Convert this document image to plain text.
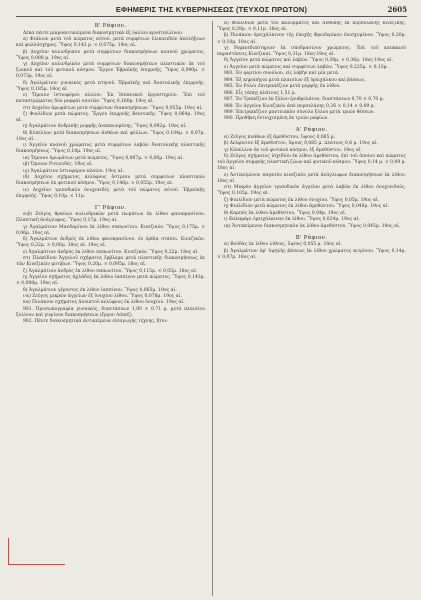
ΕΦΗΜΕΡΙΣ ΤΗΣ ΚΥΒΕΡΝΗΣΕΩΣ (ΤΕΥΧΟΣ ΠΡΩΤΟΝ)	2605
Β' Ράφιον.

Δέκα πέντε μικροαντικείμενα διακοσμητικά ἐξ ὑαλίου κρυσταλλίνου.

α) Φιάλιον μετὰ τοῦ πώματος αὐτοῦ, μετὰ συμφύτων ἐλικοειδῶν ἀπολήξεων καὶ φυλλόσχημος. Ὕψος 0,142 μ. × 0,075μ. 19ος αἰ.

β) Δοχεῖον κυλινδρικὸν μετὰ συμφύτων διακοσμήσεων κυανοῦ χρώματος. Ὕψος 0,088 μ. 19ος αἰ.

γ) Δοχεῖον κυλινδρικὸν μετὰ συμφύτων διακοσμήσεων πλαστικῶν ἐκ τοῦ ζωικοῦ καὶ τοῦ φυτικοῦ κόσμου. Ἔργον Ἑβραϊκῆς ἐπιρροῆς. Ὕψος 0,090μ. × 0,073μ. 19ος αἰ.

δ) Ἀγαλμάτιον γυναικὸς μετὰ πτηνοῦ. Ἑβραϊκῆς καὶ Ἀνατολικῆς ἐπιρροῆς. Ὕψος 0,185μ. 18ος αἰ.

ε) Ὄμοιον ἱστιοφόρου πλοίου. Ἐκ Ἰσπανικοῦ ἐργαστηρίου. Ἔπὶ τοῦ καταστρώματος δύο μορφαὶ ναυτῶν. Ὕψος 0,160μ. 19ος αἰ.

στ) Δοχεῖον ἀρωμάτων μετὰ συμφύτων διακοσμήσεων. Ὕψος 0,055μ. 19ος αἰ.

ζ) Φιαλίδιον μετὰ πώματος. Ἔργον ἐπιρροῆς Βενετικῆς. Ὕψος 0,064μ. 19ος αἰ.

η) Ἀγαλμάτιον ἀνδρικῆς μορφῆς ἀναπαυομένης. Ὕψος 0,092μ. 19ος αἰ.

θ) Κύπελλον μετὰ διακοσμήσεων ἀνθέων καὶ φύλλων. Ὕψος 0,104μ. × 0,07μ. 19ος αἰ.

ι) Ἀγγεῖον κυανοῦ χρώματος μετὰ συμφύτων λαβῶν Ἀνατολικῆς πλαστικῆς διακοσμήσεως. Ὕψος 0,18μ. 19ος αἰ.

ια) Ὄμοιον ἀρωμάτων μετὰ πώματος. Ὕψος 0,067μ. × 0,06μ. 19ος αἰ.

ιβ) Ὄμοιον Ρυτοειδές. 19ος αἰ.

ιγ) Ἀγαλμάτιον ἱστιοφόρου πλοίου. 19ος αἰ.

ιδ) Δοχεῖον σχήματος κελύφους ὄστρεου μετὰ συμφύτων πλαστικῶν διακοσμήσεων ἐκ φυτικοῦ κόσμου. Ὕψος 0,146μ. × 0,055μ. 19ος αἰ.

ιε) Δοχεῖον τριποδικὸν ὀνυχοειδὲς μετὰ τοῦ πώματος αὐτοῦ. Ἑβραϊκῆς ἐπιρροῆς. Ὕψος 0,10μ. × 11μ.

Γ' Ράφιον.

α-β) Ζεῦγος θραύων κυλινδρικῶν μετὰ πωμάτων ἐκ λίθου φαιοπρασίνου. Πλαστικὴ ἀνάγλυφος. Ὕψος 0,17μ. 19ος αἰ.

γ) Ἀγαλμάτιον Μανδαρίνου ἐκ λίθου σαπωνίτου. Κινεζικὸν. Ὕψος 0,175μ. × 0,06μ. 18ος αἰ.

δ) Ἀγαλμάτιον ἀνδρὸς ἐκ λίθου φαιοπρασίνου, ἐν ὀρθίᾳ στάσει. Κινεζικόν. Ὕψος 0,22μ. × 0,06μ. 18ος αἰ. 19ος αἰ.

ε) Ἀγαλμάτιον ἀνδρὸς ἐκ λίθου σαπωνίτου. Κινεζικόν. Ὕψος 0,22μ. 18ος αἰ.

στ) Πλακίδιον Ἀγγελοῦ σχήματος ἔμβλεμα μετὰ πλαστικῆς διακοσμήσεως ἐκ τῶν Κινεζικῶν μοτίβων. Ὕψος 0,20μ. × 0,095μ. 18ος αἰ.

ζ) Ἀγαλμάτιον ἀνδρὸς ἐκ λίθου σαπωνίτου. Ὕψος 0,115μ. × 0,05μ. 18ος αἰ.

η) Ἀγγεῖον σχήματος ἀχλάδος ἐκ λίθου ἰασπίνου μετὰ πώματος. Ὕψος 0,143μ. × 0,088μ. 19ος αἰ.

θ) Ἀγαλμάτιον γέροντος ἐκ λίθου ἰασπίνου. Ὕψος 0,065μ. 19ος αἰ.

ι-κ) Ζεῦγος μικρῶν ἀγγείων ἐξ ὀνυχίου λίθου. Ὕψος 0,078μ. 19ος αἰ.

κα) Πινάκιον σχήματος ἀνοικτοῦ κελύφους ἐκ λίθου ὀνυχίου. 19ος αἰ.

981. Προσωπογραφία γυναικός, διαστάσεων 1,00 × 0,71 μ. μετὰ πλαισίου ξυλίνου καὶ γυψίνου διακοσμήσεων (ἔργον Λόπεζ).

982. Πέντε διακοσμητικὰ ἀντικείμενα εἰσαγωγῆς τέχνης, ἤτοι:

α) Φιαλίδιον μετὰ τοῦ καλύμματος καὶ ἀνθοπῆς ἐκ πορσελάνης κινεζικῆς. Ὕψος 0,29μ. × 0,11μ. 18ος αἰ.

β) Πινάκιον ὀρειχάλκινον τῆς ἐποχῆς Φρειδερίκου ἐπισχυμένον. Ὕψος 0,20μ. × 0,10μ. 18ος αἰ.

γ) Ρεφενεδιπότηριον ἐκ σποδρασίνου χρώματος. Ἐπὶ τοῦ καπακιοῦ παραστάσεις Κινεζικαί. Ὕψος 0,31μ. 18ος-19ος αἰ.

δ) Ἀγγεῖον μετὰ πώματος καὶ λαβῶν. Ὕψος 0,38μ. × 0,36μ. 18ος-19ος αἰ.

ε) Ἀγγεῖον μετὰ πώματος καὶ συμφύτων λαβῶν. Ὕψος 0,225μ. × 0,13μ.

983. Ἐν φορτίου συνόλου, εἰς λαβὴν καὶ μία μετά.

984. Ἐξ κηροπήγια μετὰ πλαισίων ἐξ ὀρειχάλκου καὶ βάσεως.

985. Ἐν Ρολόι ἐπιτραπέζιον μετὰ μορφῆς ἐκ λίθου.

986. Εἷς τάπης πλάτους 1,51 μ.

987. Ἐν Τραπέζιον ἐκ ξύλου ἐρυθρελάτου, διαστάσεων 0,70 × 0,70 μ.

988. Ἐν ἀγγεῖον Κινεζικὸν ἀπὸ πορσελάνης 0,26 × 0,14 × 0,09 μ.

989. Ἐπιτραπέζιον μαντειακὸν σύνολο ξύλου μετὰ τριῶν θέσεων.

990. Προθήκη ἐντοιχισμένη ἐκ τριῶν ραφίων.

Α' Ράφιον.

α) Ζεῦγος κυάθων ἐξ ἀμεθύστου, ὕψους 0,065 μ.

β) Δελφίνιον ἐξ ἀμεθύστου, ὕψους 0,085 μ. πλάτους 0,6 μ. 19ος αἰ.

γ) Κύπελλον ἐκ τοῦ φυτικοῦ κόσμου, ἐξ ἀμεθύστου. 19ος αἰ.

δ) Ζεῦγος σχήματος ἰσχιδίου ἐκ λίθου ἀμεθύστου, ἐπὶ τοῦ ὁποίου καὶ πώματος τοῦ ἀγγείου συμφυὴς πλαστικὴ ζώων καὶ φυτικοῦ κόσμου. Ὕψος 0,14 μ. × 0,09 μ. 18ος αἰ.

ε) Ἀντικείμενον παγκτὸν κινεζικὸν μετὰ ἀνάγλυφων διακοσμήσεων ἐκ λίθου. 18ος αἰ.

στ) Μικρὸν ἀγγεῖον τριποδικὸν ἀγγεῖον μετὰ λαβῶν ἐκ λίθου ὀνυχοειδοῦς. Ὕψος 0,105μ. 19ος αἰ.

ζ) Φιαλίδιον μετὰ πώματος ἐκ λίθου ὀνυχίου. Ὕψος 0,05μ. 19ος αἰ.

η) Φιαλίδιον μετὰ πώματος ἐκ λίθου ἀμεθύστου. Ὕψος 0,048μ. 19ος αἰ.

θ) Καρπὸς ἐκ λίθου ἀμεθύστου. Ὕψος 0,04μ. 19ος αἰ.

ι) Καλαμάρι ὀρειχάλκινον ἐκ λίθου. Ὕψος 0,024μ. 19ος αἰ.

ια) Ἀντικείμενον διακοσμητικὸν ἐκ λίθου ἀμεθύστου. Ὕψος 0,045μ. 19ος αἰ.

Β' Ράφιον.

α) Βούδας ἐκ λίθου λίθους, ὕψους 0,055 μ. 18ος αἰ.

β) Ἀγαλμάτιον ἐφ' ὑψηλῆς βάσεως ἐκ λίθου χρώματος κιτρίνου. Ὕψος 0,14μ. × 0,07μ. 18ος αἰ.
